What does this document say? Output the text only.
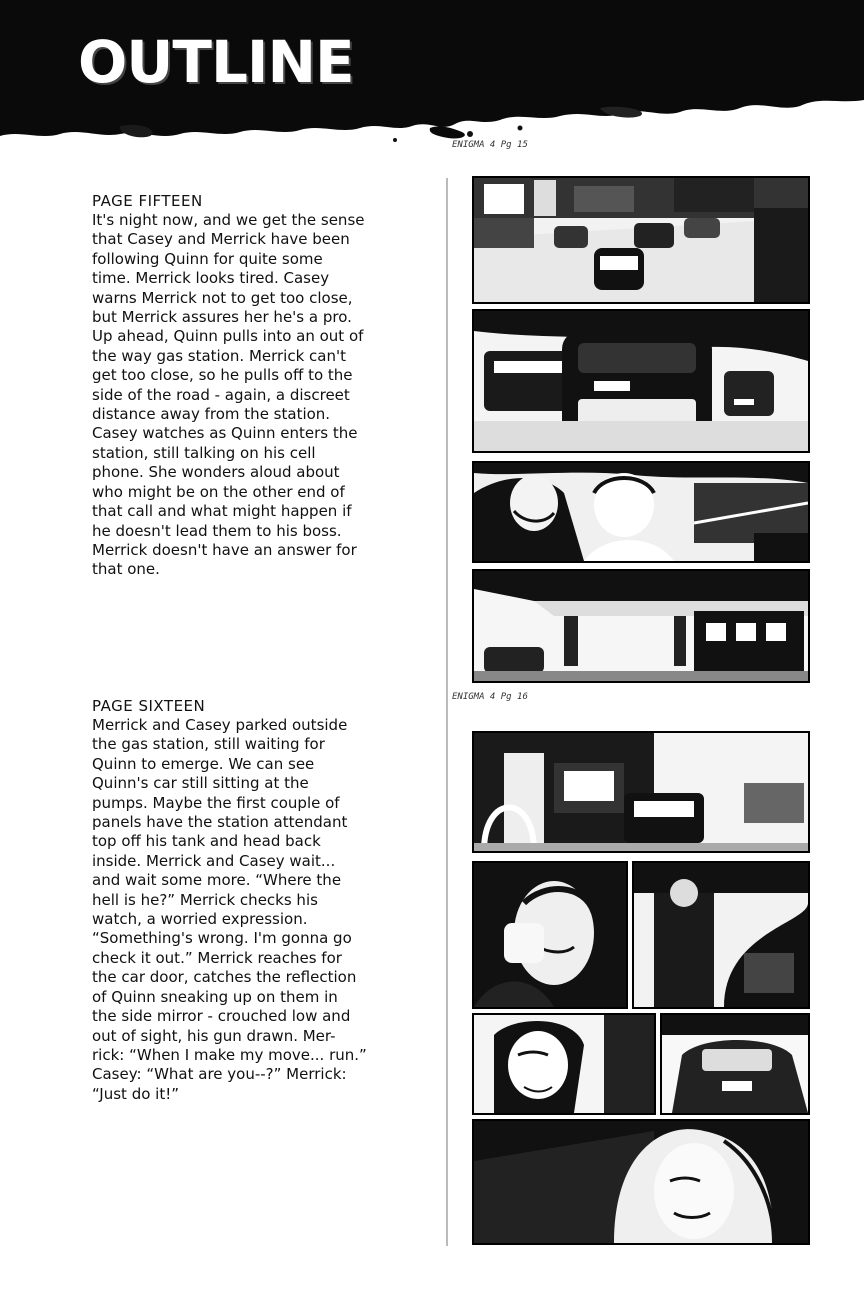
OUTLINE
ENIGMA 4 Pg 15
ENIGMA 4 Pg 16
PAGE FIFTEEN
It's night now, and we get the sense
that Casey and Merrick have been
following Quinn for quite some
time. Merrick looks tired. Casey
warns Merrick not to get too close,
but Merrick assures her he's a pro.
Up ahead, Quinn pulls into an out of
the way gas station. Merrick can't
get too close, so he pulls off to the
side of the road - again, a discreet
distance away from the station.
Casey watches as Quinn enters the
station, still talking on his cell
phone. She wonders aloud about
who might be on the other end of
that call and what might happen if
he doesn't lead them to his boss.
Merrick doesn't have an answer for
that one.
PAGE SIXTEEN
Merrick and Casey parked outside
the gas station, still waiting for
Quinn to emerge. We can see
Quinn's car still sitting at the
pumps. Maybe the first couple of
panels have the station attendant
top off his tank and head back
inside. Merrick and Casey wait...
and wait some more. “Where the
hell is he?” Merrick checks his
watch, a worried expression.
“Something's wrong. I'm gonna go
check it out.” Merrick reaches for
the car door, catches the reflection
of Quinn sneaking up on them in
the side mirror - crouched low and
out of sight, his gun drawn. Mer-
rick: “When I make my move... run.”
Casey: “What are you--?” Merrick:
“Just do it!”
